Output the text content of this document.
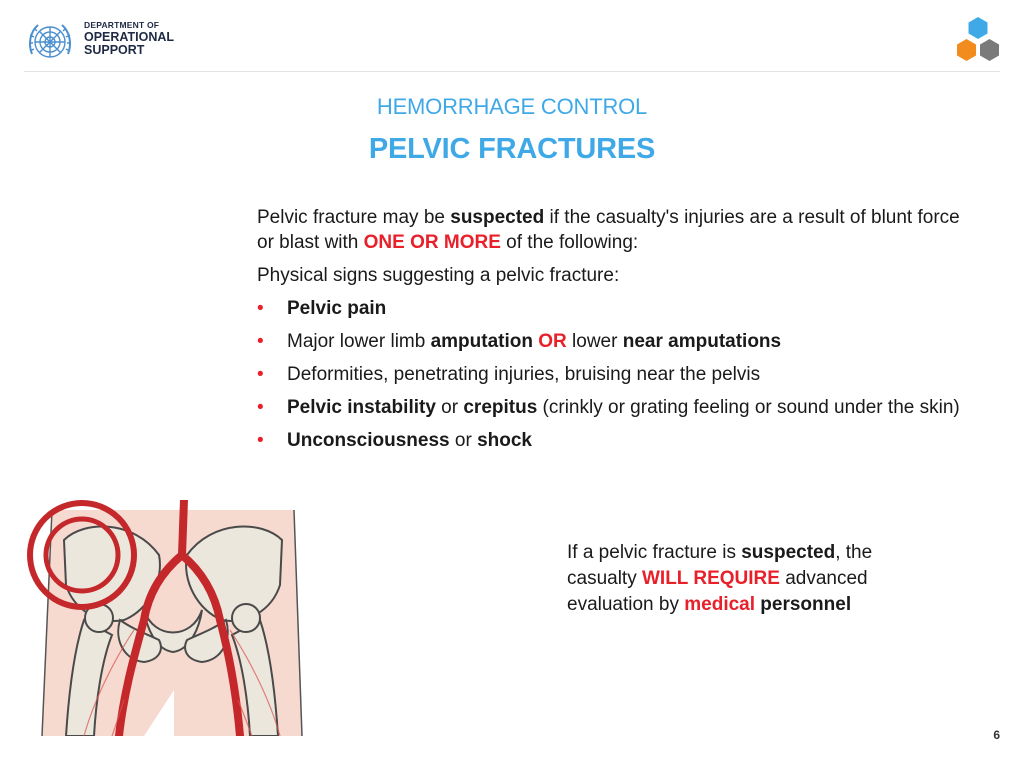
DEPARTMENT OF
OPERATIONAL
SUPPORT
HEMORRHAGE CONTROL
PELVIC FRACTURES

Pelvic fracture may be suspected if the casualty's injuries are a result of blunt force or blast with ONE OR MORE of the following:

Physical signs suggesting a pelvic fracture:

• Pelvic pain
• Major lower limb amputation OR lower near amputations
• Deformities, penetrating injuries, bruising near the pelvis
• Pelvic instability or crepitus (crinkly or grating feeling or sound under the skin)
• Unconsciousness or shock
If a pelvic fracture is suspected, the casualty WILL REQUIRE advanced evaluation by medical personnel
6
